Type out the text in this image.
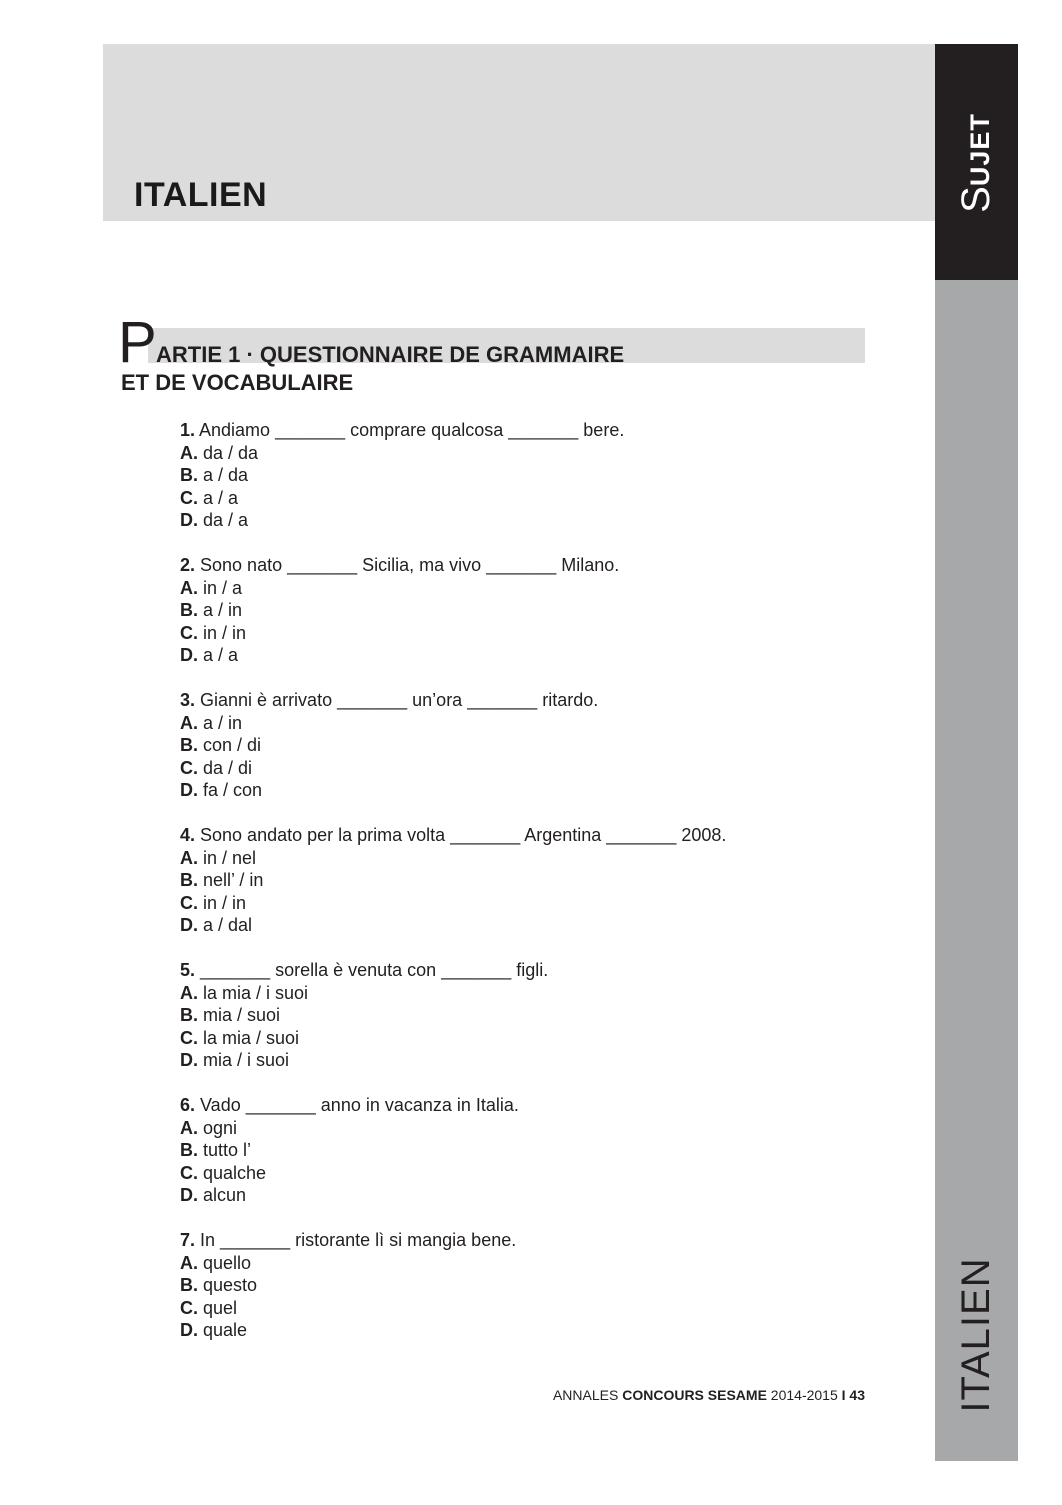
ITALIEN	SUJET
ITALIEN
P ARTIE 1 · QUESTIONNAIRE DE GRAMMAIRE
ET DE VOCABULAIRE
1. Andiamo _______ comprare qualcosa _______ bere.
A. da / da
B. a / da
C. a / a
D. da / a
2. Sono nato _______ Sicilia, ma vivo _______ Milano.
A. in / a
B. a / in
C. in / in
D. a / a
3. Gianni è arrivato _______ un’ora _______ ritardo.
A. a / in
B. con / di
C. da / di
D. fa / con
4. Sono andato per la prima volta _______ Argentina _______ 2008.
A. in / nel
B. nell’ / in
C. in / in
D. a / dal
5. _______ sorella è venuta con _______ figli.
A. la mia / i suoi
B. mia / suoi
C. la mia / suoi
D. mia / i suoi
6. Vado _______ anno in vacanza in Italia.
A. ogni
B. tutto l’
C. qualche
D. alcun
7. In _______ ristorante lì si mangia bene.
A. quello
B. questo
C. quel
D. quale
ANNALES CONCOURS SESAME 2014-2015 I 43
